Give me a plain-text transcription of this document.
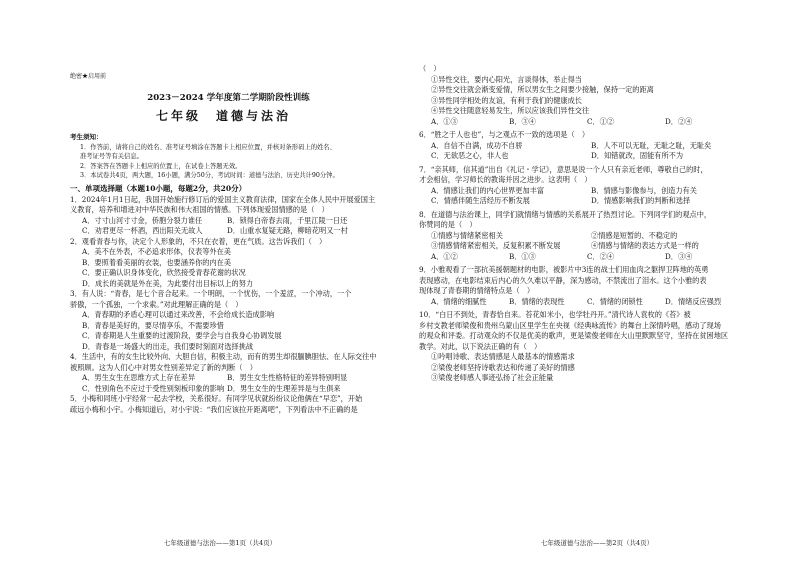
绝密★启用前
2023－2024 学年度第二学期阶段性训练
七年级　道德与法治
考生须知：
1．作答前，请将自己的姓名、准考证号填涂在答题卡上相应位置，并核对条形码上的姓名、
准考证号等有关信息。
2．答案答在答题卡上相应的位置上，在试卷上答题无效。
3．本试卷共4页，两大题，16小题，满分50分，考试时间：道德与法治、历史共计90分钟。
一、单项选择题（本题10小题，每题2分，共20分）
1．2024年1月1日起，我国开始施行修订后的爱国主义教育法律，国家在全体人民中开展爱国主
义教育，培养和增进对中华民族和伟大祖国的情感。下列体现爱国情感的是（　）
A．寸寸山河寸寸金，侨胞分裂力谁任	B．锁得白帝春去雨，千里江陵一日还
C．劝君更尽一杯酒，西出阳关无故人	D．山重水复疑无路，柳暗花明又一村
2．观看青春与你，决定个人形象的，不只在衣着，更在气质。这告诉我们（　）
A．美不在外表，不必追求形体，仪表等外在美
B．要照着看美丽的衣装，也要涵养你的内在美
C．要正确认识身体变化，欣然接受青春花谢的状况
D．成长的美就是外在美，为此要付出目标以上的努力
3．有人说：“青春，是七个音合起来。一个明朗，一个忧伤，一个羞涩，一个冲动，一个
骄傲，一个孤独，一个求索。”对此理解正确的是（　）
A．青春期的矛盾心理可以通过来改善，不会给成长造成影响
B．青春是美好的，要尽情享乐，不需要珍惜
C．青春期是人生重要的过渡阶段，要学会与自我身心协调发展
D．青春是一场盛大的出走，我们要时刻面对选择挑战
4．生活中，有的女生比较外向、大胆自信，积极主动，而有的男生却很腼腆胆怯、在人际交往中
被照顾。这为人们心中对男女性别差异定了新的判断（　）
A．男生女生在思维方式上存在差异	B．男生女生性格特征的差异特别明显
C．性别角色不应过于受性别刻板印象的影响 D．男生女生的生理差异是与生俱来
5．小梅和同班小宇经常一起去学校，关系很好。有同学见状就纷纷议论他俩在“早恋”，开始
疏远小梅和小宇。小梅知道后，对小宇说：“我们应该拉开距离吧”，下列看法中不正确的是
七年级道德与法治——第1页（共4页）
（　）
①异性交往，要内心阳光，言谈得体，举止得当
②异性交往就会渐变爱情，所以男女生之间要少接触，保持一定的距离
③异性同学相处的友谊，有利于我们的健康成长
④异性交往随意轻易发生，所以应该我们异性交往
A．①③	B．③④	C．①②	D．②④
6．“胜之于人也也”，与之观点不一致的选项是（　）
A．自信不自满，成功不自骄	B．人不可以无耻，无耻之耻，无耻矣
C．无欲恶之心，非人也	D．知错就改，固能有所不为
7．“亲其师，信其道”出自《礼记・学记》，意思是说一个人只有亲近老师，尊敬自己的时，
才会相信，学习师长的教诲并因之进步。这表明（　）
A．情感让我们的内心世界更加丰富	B．情感与影像参与，创造力有关
C．情感伴随生活经历不断发展	D．情感影响我们的判断和选择
8．在道德与法治课上，同学们就情绪与情感的关系展开了热烈讨论。下列同学们的观点中，
你赞同的是（　）
①情感与情绪紧密相关	②情感是短暂的、不稳定的
③情感情绪紧密相关，反复积累不断发展	④情感与情绪的表达方式是一样的
A．①②	B．①③	C．②④	D．③④
9．小雅观看了一部抗美援朝题材的电影，被影片中3连的战士们用血肉之躯捍卫阵地的英勇
表现感动，在电影结束后内心的久久难以平静，深为感动，不禁流出了泪水。这个小雅的表
现体现了青春期的情绪特点是（　）
A．情绪的细腻性	B．情绪的表现性	C．情绪的闭锁性	D．情绪反应强烈
10．“白日不到处，青春恰自来。苔花如米小，也学牡丹开。”清代诗人袁枚的《苔》被
乡村支教老师梁俊和贵州乌蒙山区里学生在央视《经典咏流传》的舞台上深情吟唱，感动了现场
的观众和评委。打动观众的不仅是优美的歌声，更是梁俊老师在大山里默默坚守，坚持在贫困地区
教学。对此，以下说法正确的有（　）
①吟唱诗歌、表达情感是人最基本的情感需求
②梁俊老师坚持诗歌表达和传递了美好的情感
③梁俊老师感人事迹弘扬了社会正能量
七年级道德与法治——第2页（共4页）
